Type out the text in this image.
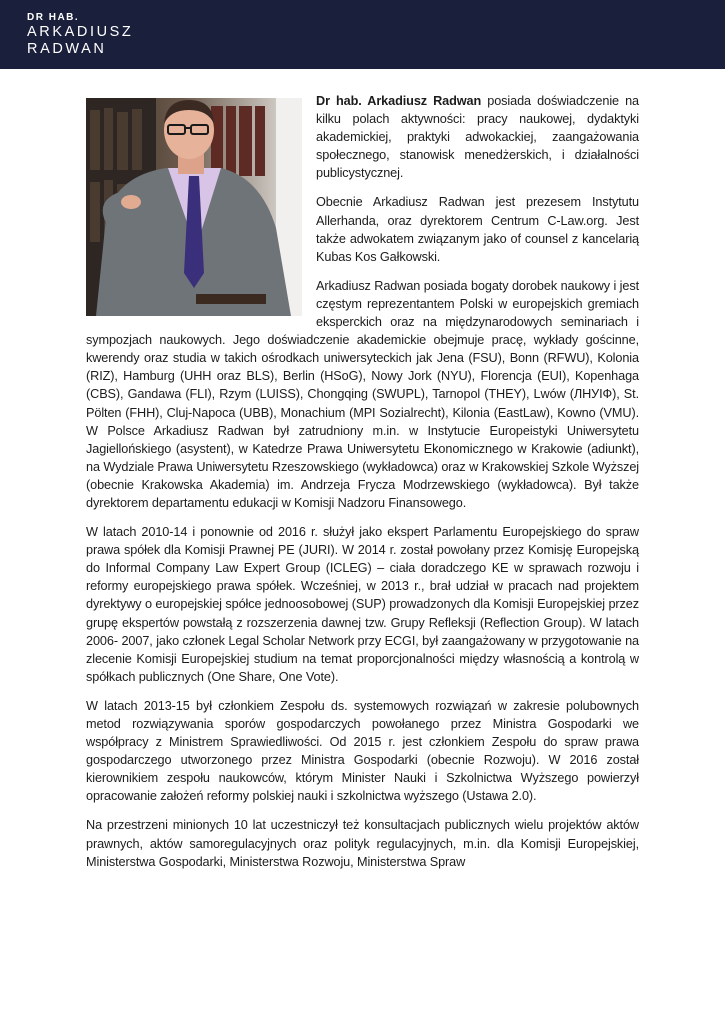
DR HAB.
ARKADIUSZ
RADWAN

Dr hab. Arkadiusz Radwan posiada doświadczenie na kilku polach aktywności: pracy naukowej, dydaktyki akademickiej, praktyki adwokackiej, zaangażowania społecznego, stanowisk menedżerskich, i działalności publicystycznej.

Obecnie Arkadiusz Radwan jest prezesem Instytutu Allerhanda, oraz dyrektorem Centrum C-Law.org. Jest także adwokatem związanym jako of counsel z kancelarią Kubas Kos Gałkowski.

Arkadiusz Radwan posiada bogaty dorobek naukowy i jest częstym reprezentantem Polski w europejskich gremiach eksperckich oraz na międzynarodowych seminariach i sympozjach naukowych. Jego doświadczenie akademickie obejmuje pracę, wykłady gościnne, kwerendy oraz studia w takich ośrodkach uniwersyteckich jak Jena (FSU), Bonn (RFWU), Kolonia (RIZ), Hamburg (UHH oraz BLS), Berlin (HSoG), Nowy Jork (NYU), Florencja (EUI), Kopenhaga (CBS), Gandawa (FLI), Rzym (LUISS), Chongqing (SWUPL), Tarnopol (THEY), Lwów (ЛНУІФ), St. Pölten (FHH), Cluj-Napoca (UBB), Monachium (MPI Sozialrecht), Kilonia (EastLaw), Kowno (VMU). W Polsce Arkadiusz Radwan był zatrudniony m.in. w Instytucie Europeistyki Uniwersytetu Jagiellońskiego (asystent), w Katedrze Prawa Uniwersytetu Ekonomicznego w Krakowie (adiunkt), na Wydziale Prawa Uniwersytetu Rzeszowskiego (wykładowca) oraz w Krakowskiej Szkole Wyższej (obecnie Krakowska Akademia) im. Andrzeja Frycza Modrzewskiego (wykładowca). Był także dyrektorem departamentu edukacji w Komisji Nadzoru Finansowego.

W latach 2010-14 i ponownie od 2016 r. służył jako ekspert Parlamentu Europejskiego do spraw prawa spółek dla Komisji Prawnej PE (JURI). W 2014 r. został powołany przez Komisję Europejską do Informal Company Law Expert Group (ICLEG) – ciała doradczego KE w sprawach rozwoju i reformy europejskiego prawa spółek. Wcześniej, w 2013 r., brał udział w pracach nad projektem dyrektywy o europejskiej spółce jednoosobowej (SUP) prowadzonych dla Komisji Europejskiej przez grupę ekspertów powstałą z rozszerzenia dawnej tzw. Grupy Refleksji (Reflection Group). W latach 2006- 2007, jako członek Legal Scholar Network przy ECGI, był zaangażowany w przygotowanie na zlecenie Komisji Europejskiej studium na temat proporcjonalności między własnością a kontrolą w spółkach publicznych (One Share, One Vote).

W latach 2013-15 był członkiem Zespołu ds. systemowych rozwiązań w zakresie polubownych metod rozwiązywania sporów gospodarczych powołanego przez Ministra Gospodarki we współpracy z Ministrem Sprawiedliwości. Od 2015 r. jest członkiem Zespołu do spraw prawa gospodarczego utworzonego przez Ministra Gospodarki (obecnie Rozwoju). W 2016 został kierownikiem zespołu naukowców, którym Minister Nauki i Szkolnictwa Wyższego powierzył opracowanie założeń reformy polskiej nauki i szkolnictwa wyższego (Ustawa 2.0).

Na przestrzeni minionych 10 lat uczestniczył też konsultacjach publicznych wielu projektów aktów prawnych, aktów samoregulacyjnych oraz polityk regulacyjnych, m.in. dla Komisji Europejskiej, Ministerstwa Gospodarki, Ministerstwa Rozwoju, Ministerstwa Spraw
